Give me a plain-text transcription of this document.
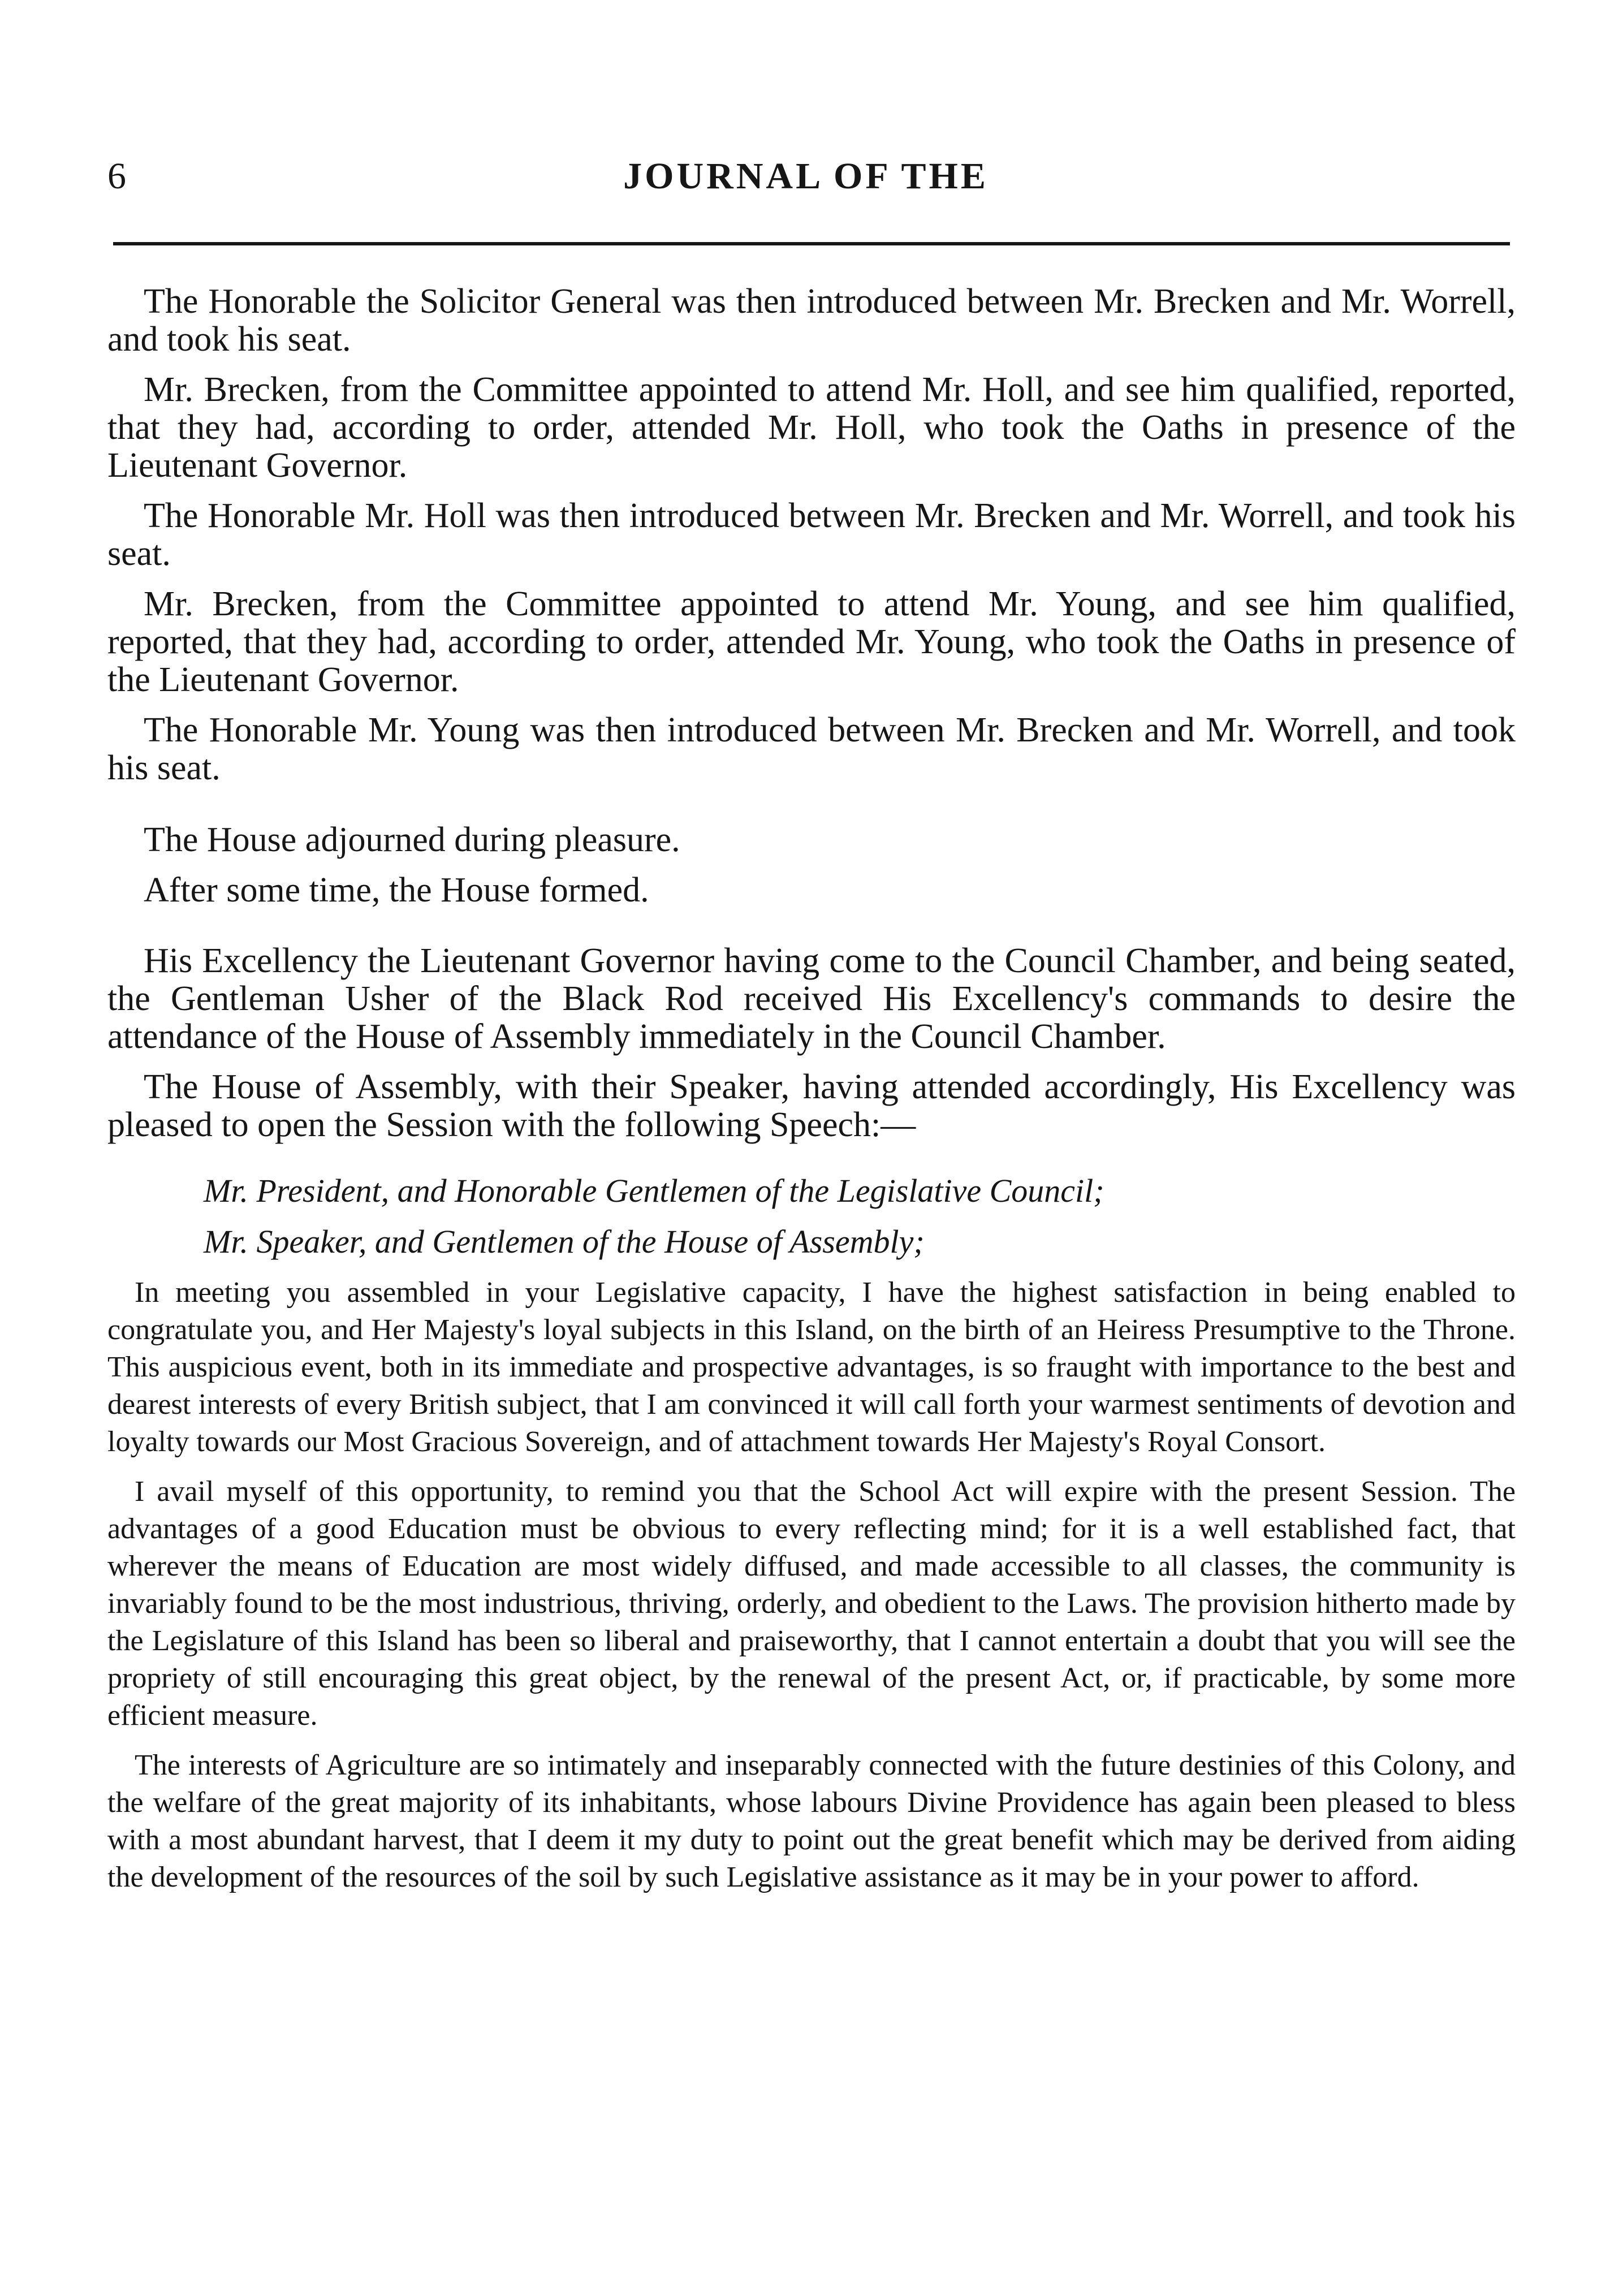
6	JOURNAL OF THE

The Honorable the Solicitor General was then introduced between Mr. Brecken and Mr. Worrell, and took his seat.

Mr. Brecken, from the Committee appointed to attend Mr. Holl, and see him qualified, reported, that they had, according to order, attended Mr. Holl, who took the Oaths in presence of the Lieutenant Governor.

The Honorable Mr. Holl was then introduced between Mr. Brecken and Mr. Worrell, and took his seat.

Mr. Brecken, from the Committee appointed to attend Mr. Young, and see him qualified, reported, that they had, according to order, attended Mr. Young, who took the Oaths in presence of the Lieutenant Governor.

The Honorable Mr. Young was then introduced between Mr. Brecken and Mr. Worrell, and took his seat.

The House adjourned during pleasure.

After some time, the House formed.

His Excellency the Lieutenant Governor having come to the Council Chamber, and being seated, the Gentleman Usher of the Black Rod received His Excellency's commands to desire the attendance of the House of Assembly immediately in the Council Chamber.

The House of Assembly, with their Speaker, having attended accordingly, His Excellency was pleased to open the Session with the following Speech:—

Mr. President, and Honorable Gentlemen of the Legislative Council;

Mr. Speaker, and Gentlemen of the House of Assembly;

In meeting you assembled in your Legislative capacity, I have the highest satisfaction in being enabled to congratulate you, and Her Majesty's loyal subjects in this Island, on the birth of an Heiress Presumptive to the Throne. This auspicious event, both in its immediate and prospective advantages, is so fraught with importance to the best and dearest interests of every British subject, that I am convinced it will call forth your warmest sentiments of devotion and loyalty towards our Most Gracious Sovereign, and of attachment towards Her Majesty's Royal Consort.

I avail myself of this opportunity, to remind you that the School Act will expire with the present Session. The advantages of a good Education must be obvious to every reflecting mind; for it is a well established fact, that wherever the means of Education are most widely diffused, and made accessible to all classes, the community is invariably found to be the most industrious, thriving, orderly, and obedient to the Laws. The provision hitherto made by the Legislature of this Island has been so liberal and praiseworthy, that I cannot entertain a doubt that you will see the propriety of still encouraging this great object, by the renewal of the present Act, or, if practicable, by some more efficient measure.

The interests of Agriculture are so intimately and inseparably connected with the future destinies of this Colony, and the welfare of the great majority of its inhabitants, whose labours Divine Providence has again been pleased to bless with a most abundant harvest, that I deem it my duty to point out the great benefit which may be derived from aiding the development of the resources of the soil by such Legislative assistance as it may be in your power to afford.
